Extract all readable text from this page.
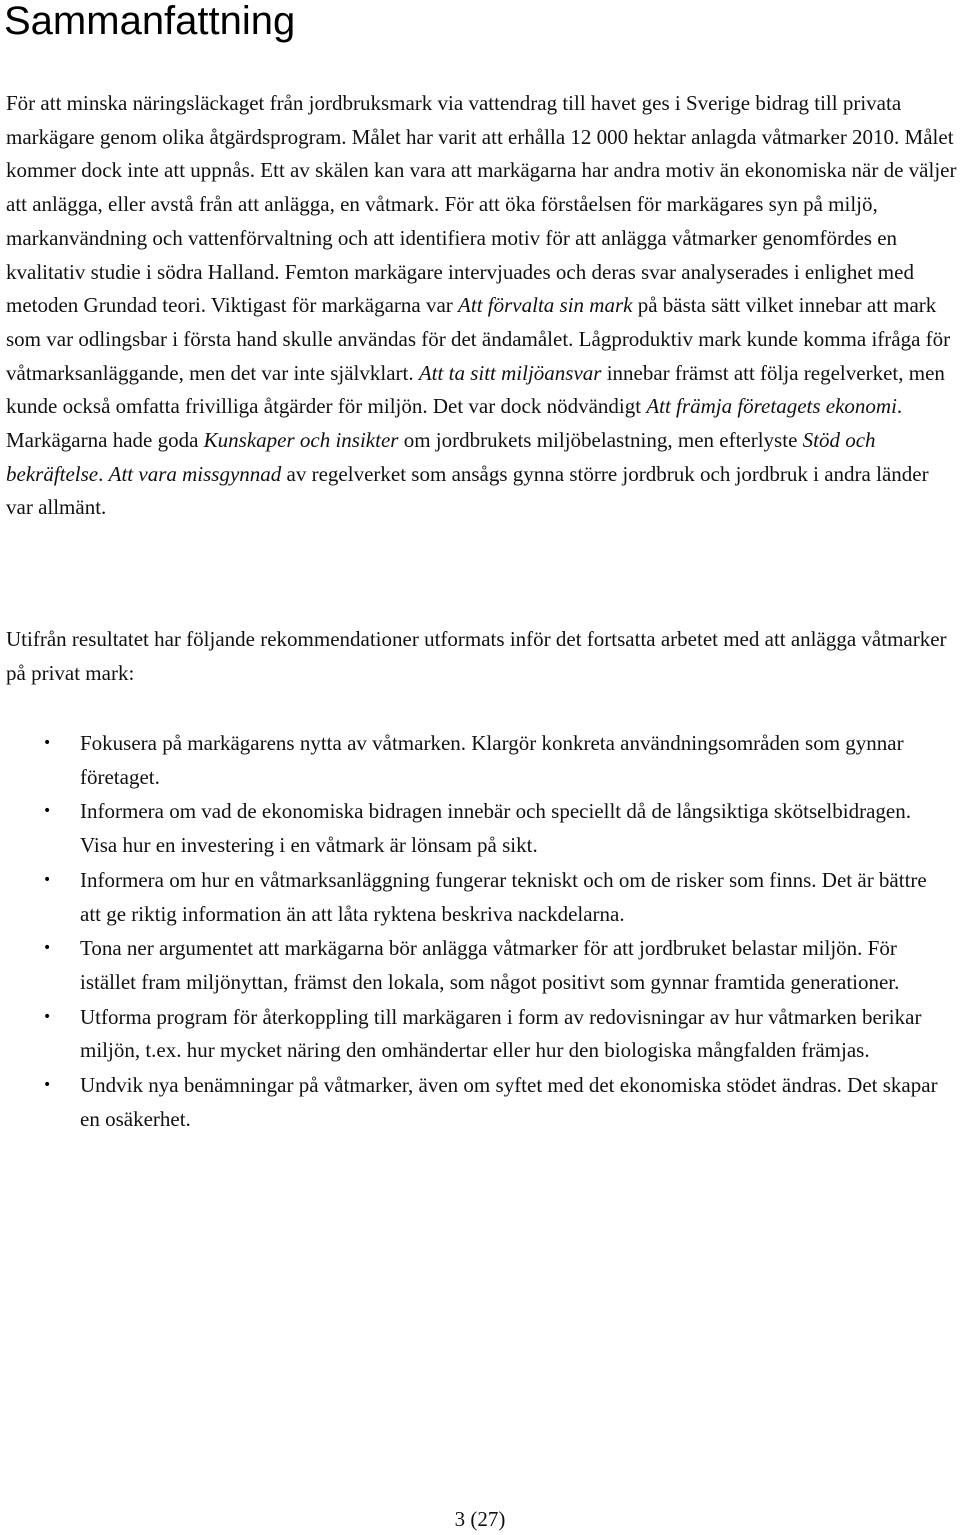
Sammanfattning

För att minska näringsläckaget från jordbruksmark via vattendrag till havet ges i Sverige bidrag till privata markägare genom olika åtgärdsprogram. Målet har varit att erhålla 12 000 hektar anlagda våtmarker 2010. Målet kommer dock inte att uppnås. Ett av skälen kan vara att markägarna har andra motiv än ekonomiska när de väljer att anlägga, eller avstå från att anlägga, en våtmark. För att öka förståelsen för markägares syn på miljö, markanvändning och vattenförvaltning och att identifiera motiv för att anlägga våtmarker genomfördes en kvalitativ studie i södra Halland. Femton markägare intervjuades och deras svar analyserades i enlighet med metoden Grundad teori. Viktigast för markägarna var Att förvalta sin mark på bästa sätt vilket innebar att mark som var odlingsbar i första hand skulle användas för det ändamålet. Lågproduktiv mark kunde komma ifråga för våtmarksanläggande, men det var inte självklart. Att ta sitt miljöansvar innebar främst att följa regelverket, men kunde också omfatta frivilliga åtgärder för miljön. Det var dock nödvändigt Att främja företagets ekonomi. Markägarna hade goda Kunskaper och insikter om jordbrukets miljöbelastning, men efterlyste Stöd och bekräftelse. Att vara missgynnad av regelverket som ansågs gynna större jordbruk och jordbruk i andra länder var allmänt.

Utifrån resultatet har följande rekommendationer utformats inför det fortsatta arbetet med att anlägga våtmarker på privat mark:

• Fokusera på markägarens nytta av våtmarken. Klargör konkreta användningsområden som gynnar företaget.
• Informera om vad de ekonomiska bidragen innebär och speciellt då de långsiktiga skötselbidragen. Visa hur en investering i en våtmark är lönsam på sikt.
• Informera om hur en våtmarksanläggning fungerar tekniskt och om de risker som finns. Det är bättre att ge riktig information än att låta ryktena beskriva nackdelarna.
• Tona ner argumentet att markägarna bör anlägga våtmarker för att jordbruket belastar miljön. För istället fram miljönyttan, främst den lokala, som något positivt som gynnar framtida generationer.
• Utforma program för återkoppling till markägaren i form av redovisningar av hur våtmarken berikar miljön, t.ex. hur mycket näring den omhändertar eller hur den biologiska mångfalden främjas.
• Undvik nya benämningar på våtmarker, även om syftet med det ekonomiska stödet ändras. Det skapar en osäkerhet.
3 (27)
